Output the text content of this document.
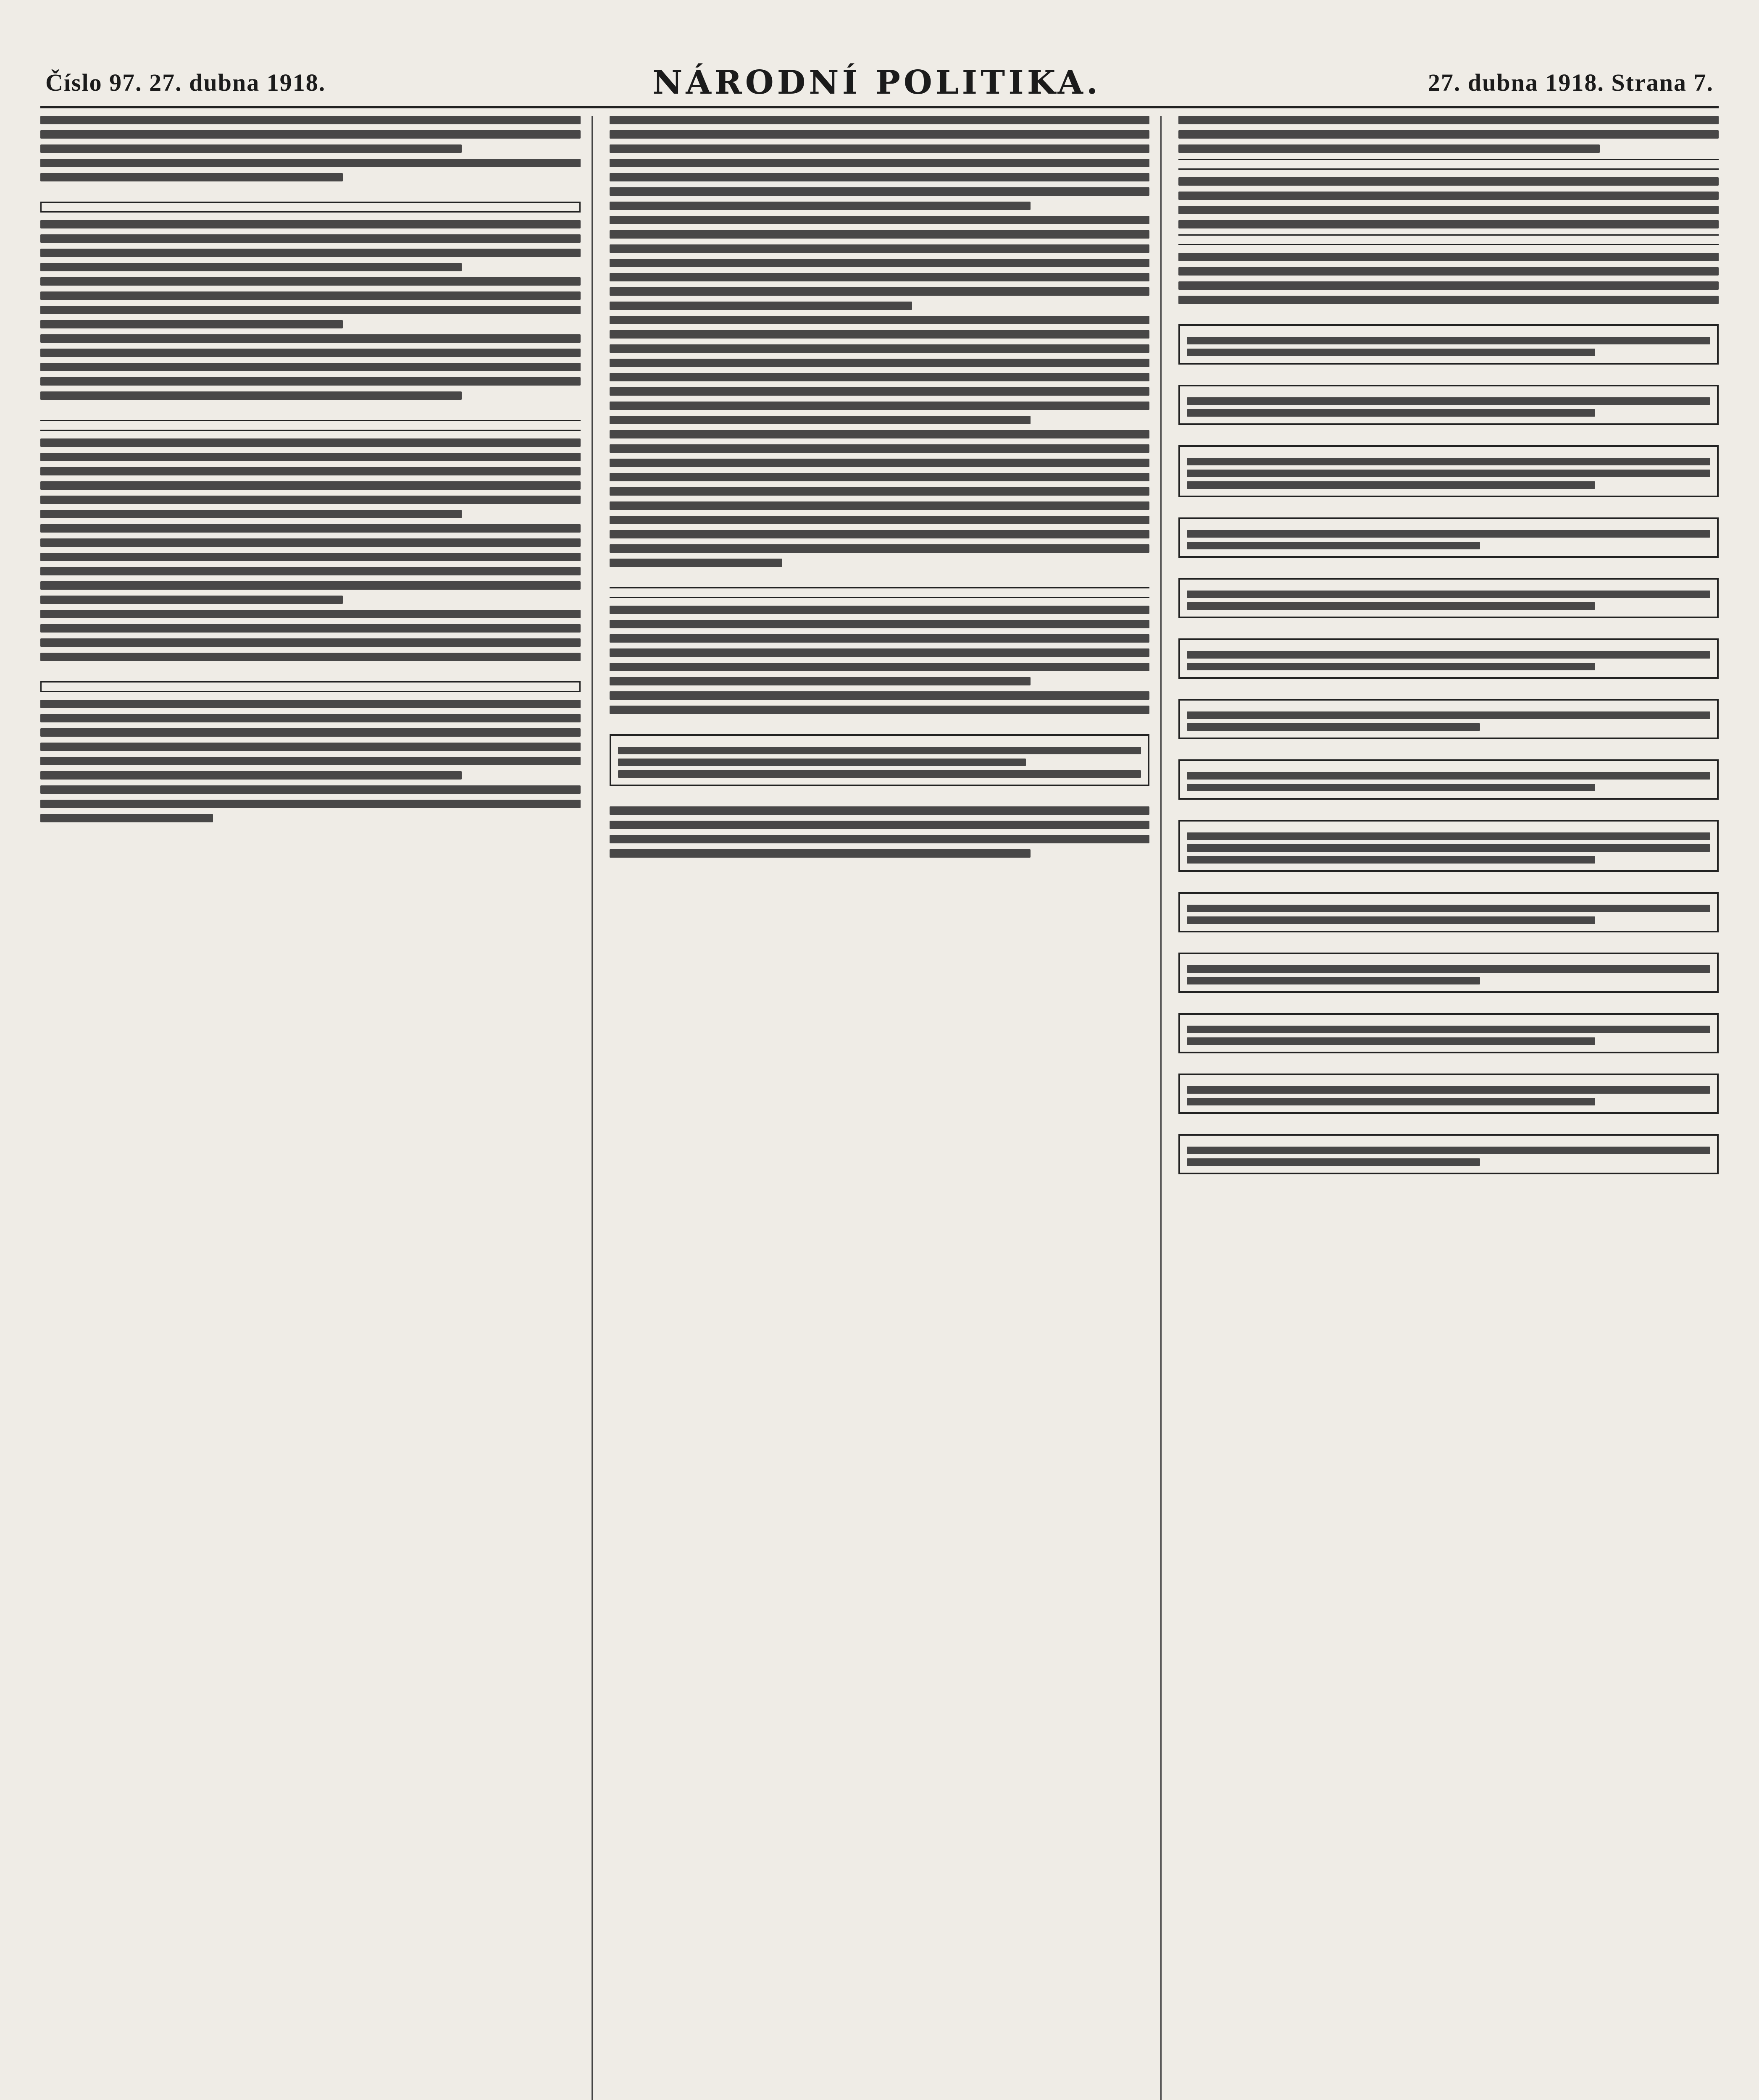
Číslo 97. 27. dubna 1918.	NÁRODNÍ POLITIKA.	27. dubna 1918. Strana 7.
